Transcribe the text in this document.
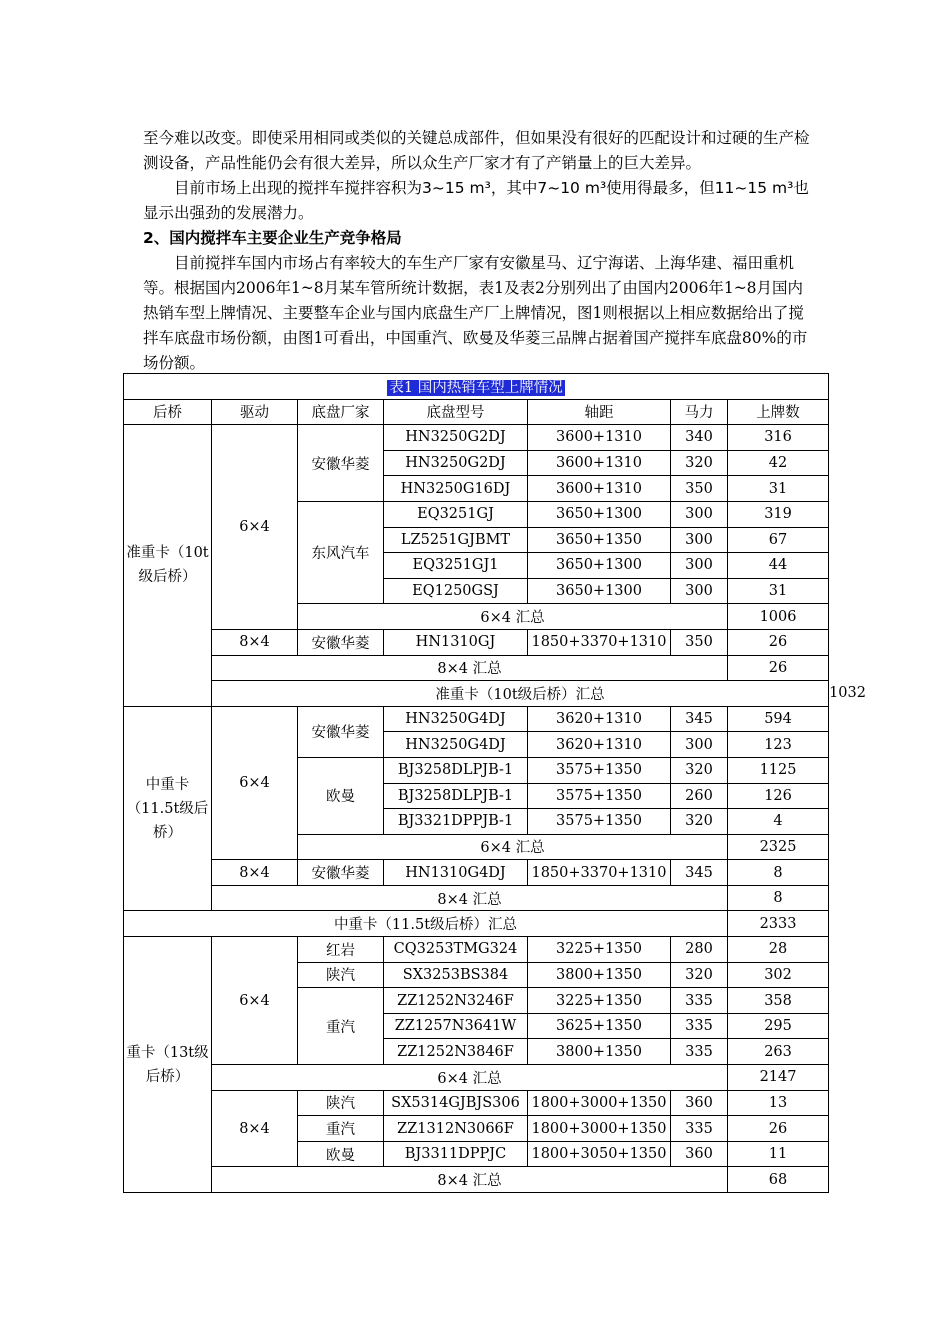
至今难以改变。即使采用相同或类似的关键总成部件，但如果没有很好的匹配设计和过硬的生产检测设备，产品性能仍会有很大差异，所以众生产厂家才有了产销量上的巨大差异。
目前市场上出现的搅拌车搅拌容积为3~15 m³，其中7~10 m³使用得最多，但11~15 m³也显示出强劲的发展潜力。
2、国内搅拌车主要企业生产竞争格局
目前搅拌车国内市场占有率较大的车生产厂家有安徽星马、辽宁海诺、上海华建、福田重机等。根据国内2006年1~8月某车管所统计数据，表1及表2分别列出了由国内2006年1~8月国内热销车型上牌情况、主要整车企业与国内底盘生产厂上牌情况，图1则根据以上相应数据给出了搅拌车底盘市场份额，由图1可看出，中国重汽、欧曼及华菱三品牌占据着国产搅拌车底盘80%的市场份额。
表1 国内热销车型上牌情况							
后桥	驱动	底盘厂家	底盘型号	轴距	马力	上牌数	
准重卡（10t级后桥）	6×4	安徽华菱	HN3250G2DJ	3600+1310	340	316	
			HN3250G2DJ	3600+1310	320	42	
			HN3250G16DJ	3600+1310	350	31	
		东风汽车	EQ3251GJ	3650+1300	300	319	
			LZ5251GJBMT	3650+1350	300	67	
			EQ3251GJ1	3650+1300	300	44	
			EQ1250GSJ	3650+1300	300	31	
		6×4 汇总				1006	
	8×4	安徽华菱	HN1310GJ	1850+3370+1310	350	26	
	8×4 汇总					26	
	准重卡（10t级后桥）汇总						1032
中重卡（11.5t级后桥）	6×4	安徽华菱	HN3250G4DJ	3620+1310	345	594	
			HN3250G4DJ	3620+1310	300	123	
		欧曼	BJ3258DLPJB-1	3575+1350	320	1125	
			BJ3258DLPJB-1	3575+1350	260	126	
			BJ3321DPPJB-1	3575+1350	320	4	
		6×4 汇总				2325	
	8×4	安徽华菱	HN1310G4DJ	1850+3370+1310	345	8	
	8×4 汇总					8	
中重卡（11.5t级后桥）汇总						2333	
重卡（13t级后桥）	6×4	红岩	CQ3253TMG324	3225+1350	280	28	
		陕汽	SX3253BS384	3800+1350	320	302	
		重汽	ZZ1252N3246F	3225+1350	335	358	
			ZZ1257N3641W	3625+1350	335	295	
			ZZ1252N3846F	3800+1350	335	263	
	6×4 汇总					2147	
	8×4	陕汽	SX5314GJBJS306	1800+3000+1350	360	13	
		重汽	ZZ1312N3066F	1800+3000+1350	335	26	
		欧曼	BJ3311DPPJC	1800+3050+1350	360	11	
	8×4 汇总					68	
